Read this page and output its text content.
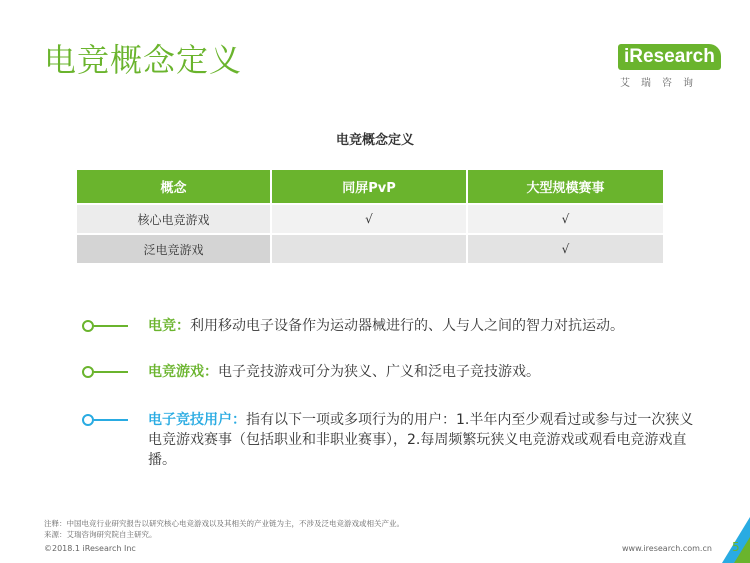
电竞概念定义	iResearch
艾瑞咨询
电竞概念定义
概念	同屏PvP	大型规模赛事
核心电竞游戏	√	√
泛电竞游戏		√
电竞：利用移动电子设备作为运动器械进行的、人与人之间的智力对抗运动。
电竞游戏：电子竞技游戏可分为狭义、广义和泛电子竞技游戏。
电子竞技用户：指有以下一项或多项行为的用户：1.半年内至少观看过或参与过一次狭义电竞游戏赛事（包括职业和非职业赛事），2.每周频繁玩狭义电竞游戏或观看电竞游戏直播。
注释：中国电竞行业研究报告以研究核心电竞游戏以及其相关的产业链为主，不涉及泛电竞游戏或相关产业。
来源：艾瑞咨询研究院自主研究。
©2018.1 iResearch Inc	www.iresearch.com.cn 5
